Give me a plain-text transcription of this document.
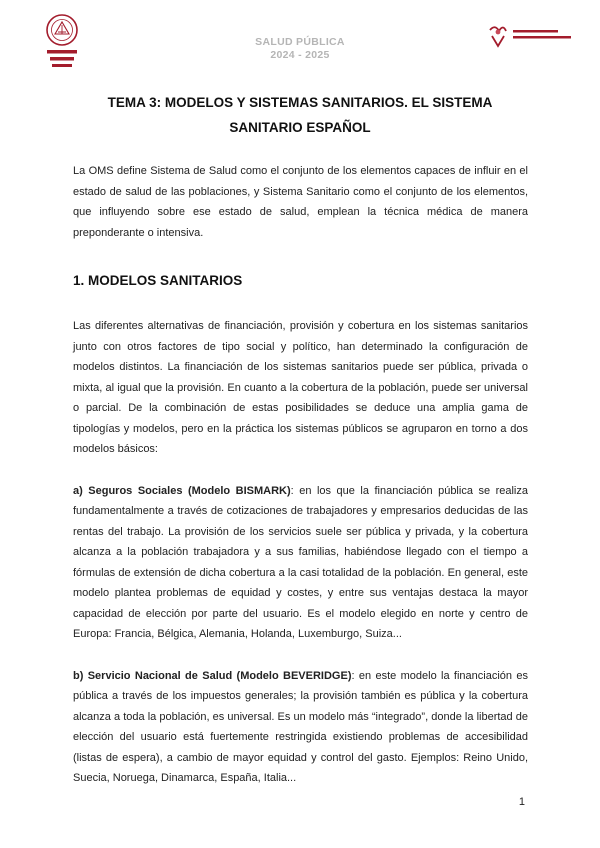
SALUD PÚBLICA
2024 - 2025
TEMA 3: MODELOS Y SISTEMAS SANITARIOS. EL SISTEMA
SANITARIO ESPAÑOL

La OMS define Sistema de Salud como el conjunto de los elementos capaces de influir en el estado de salud de las poblaciones, y Sistema Sanitario como el conjunto de los elementos, que influyendo sobre ese estado de salud, emplean la técnica médica de manera preponderante o intensiva.

1. MODELOS SANITARIOS

Las diferentes alternativas de financiación, provisión y cobertura en los sistemas sanitarios junto con otros factores de tipo social y político, han determinado la configuración de modelos distintos. La financiación de los sistemas sanitarios puede ser pública, privada o mixta, al igual que la provisión. En cuanto a la cobertura de la población, puede ser universal o parcial. De la combinación de estas posibilidades se deduce una amplia gama de tipologías y modelos, pero en la práctica los sistemas públicos se agruparon en torno a dos modelos básicos:

a) Seguros Sociales (Modelo BISMARK): en los que la financiación pública se realiza fundamentalmente a través de cotizaciones de trabajadores y empresarios deducidas de las rentas del trabajo. La provisión de los servicios suele ser pública y privada, y la cobertura alcanza a la población trabajadora y a sus familias, habiéndose llegado con el tiempo a fórmulas de extensión de dicha cobertura a la casi totalidad de la población. En general, este modelo plantea problemas de equidad y costes, y entre sus ventajas destaca la mayor capacidad de elección por parte del usuario. Es el modelo elegido en norte y centro de Europa: Francia, Bélgica, Alemania, Holanda, Luxemburgo, Suiza...

b) Servicio Nacional de Salud (Modelo BEVERIDGE): en este modelo la financiación es pública a través de los impuestos generales; la provisión también es pública y la cobertura alcanza a toda la población, es universal. Es un modelo más “integrado”, donde la libertad de elección del usuario está fuertemente restringida existiendo problemas de accesibilidad (listas de espera), a cambio de mayor equidad y control del gasto. Ejemplos: Reino Unido, Suecia, Noruega, Dinamarca, España, Italia...

1
